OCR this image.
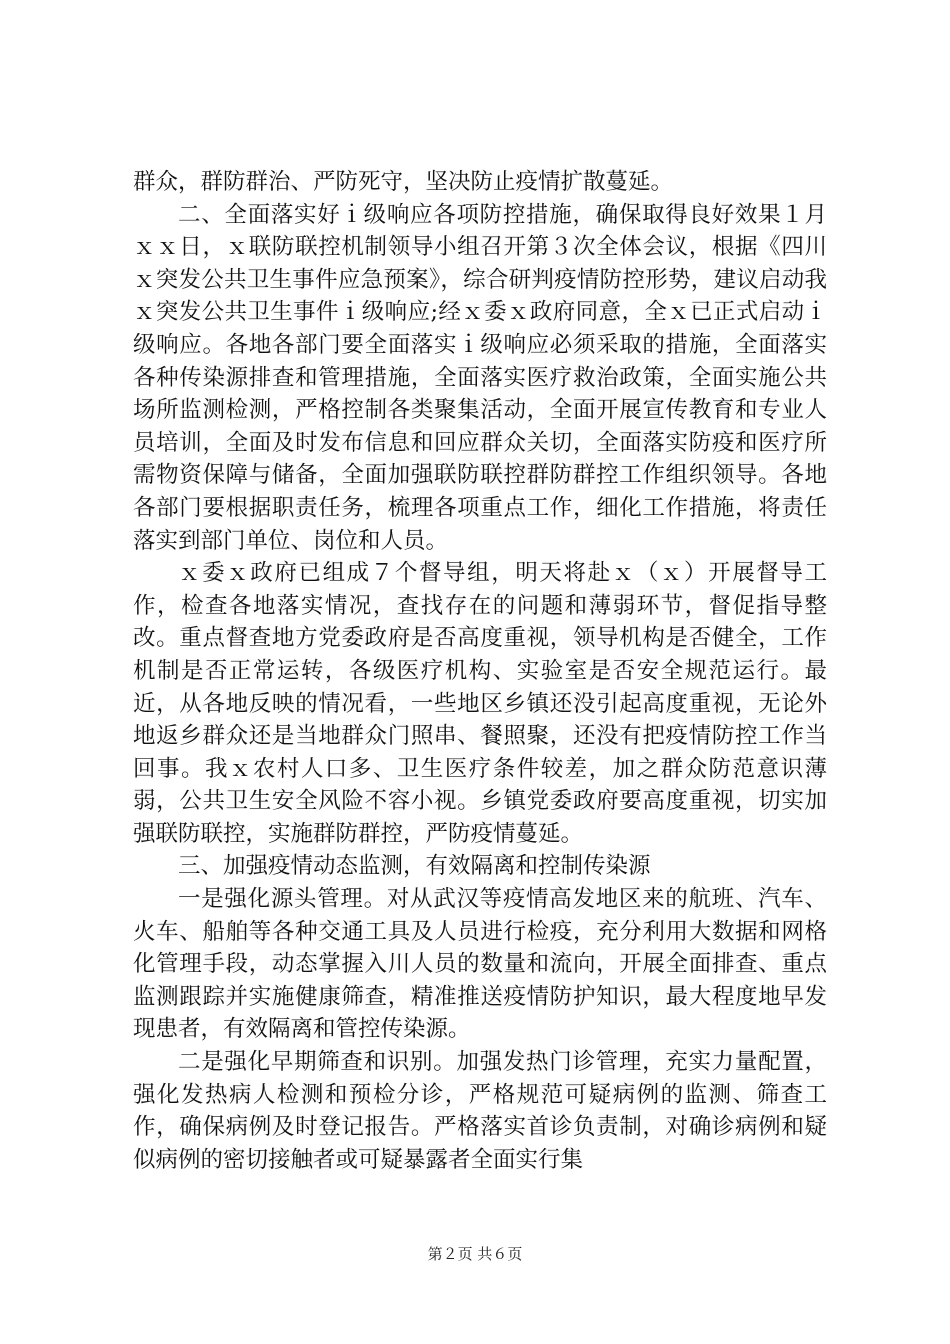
群众，群防群治、严防死守，坚决防止疫情扩散蔓延。

二、全面落实好ｉ级响应各项防控措施，确保取得良好效果１月ｘｘ日，ｘ联防联控机制领导小组召开第３次全体会议，根据《四川ｘ突发公共卫生事件应急预案》，综合研判疫情防控形势，建议启动我ｘ突发公共卫生事件ｉ级响应;经ｘ委ｘ政府同意，全ｘ已正式启动ｉ级响应。各地各部门要全面落实ｉ级响应必须采取的措施，全面落实各种传染源排查和管理措施，全面落实医疗救治政策，全面实施公共场所监测检测，严格控制各类聚集活动，全面开展宣传教育和专业人员培训，全面及时发布信息和回应群众关切，全面落实防疫和医疗所需物资保障与储备，全面加强联防联控群防群控工作组织领导。各地各部门要根据职责任务，梳理各项重点工作，细化工作措施，将责任落实到部门单位、岗位和人员。

ｘ委ｘ政府已组成７个督导组，明天将赴ｘ（ｘ）开展督导工作，检查各地落实情况，查找存在的问题和薄弱环节，督促指导整改。重点督查地方党委政府是否高度重视，领导机构是否健全，工作机制是否正常运转，各级医疗机构、实验室是否安全规范运行。最近，从各地反映的情况看，一些地区乡镇还没引起高度重视，无论外地返乡群众还是当地群众门照串、餐照聚，还没有把疫情防控工作当回事。我ｘ农村人口多、卫生医疗条件较差，加之群众防范意识薄弱，公共卫生安全风险不容小视。乡镇党委政府要高度重视，切实加强联防联控，实施群防群控，严防疫情蔓延。

三、加强疫情动态监测，有效隔离和控制传染源

一是强化源头管理。对从武汉等疫情高发地区来的航班、汽车、火车、船舶等各种交通工具及人员进行检疫，充分利用大数据和网格化管理手段，动态掌握入川人员的数量和流向，开展全面排查、重点监测跟踪并实施健康筛查，精准推送疫情防护知识，最大程度地早发现患者，有效隔离和管控传染源。

二是强化早期筛查和识别。加强发热门诊管理，充实力量配置，强化发热病人检测和预检分诊，严格规范可疑病例的监测、筛查工作，确保病例及时登记报告。严格落实首诊负责制，对确诊病例和疑似病例的密切接触者或可疑暴露者全面实行集

第２页 共６页
